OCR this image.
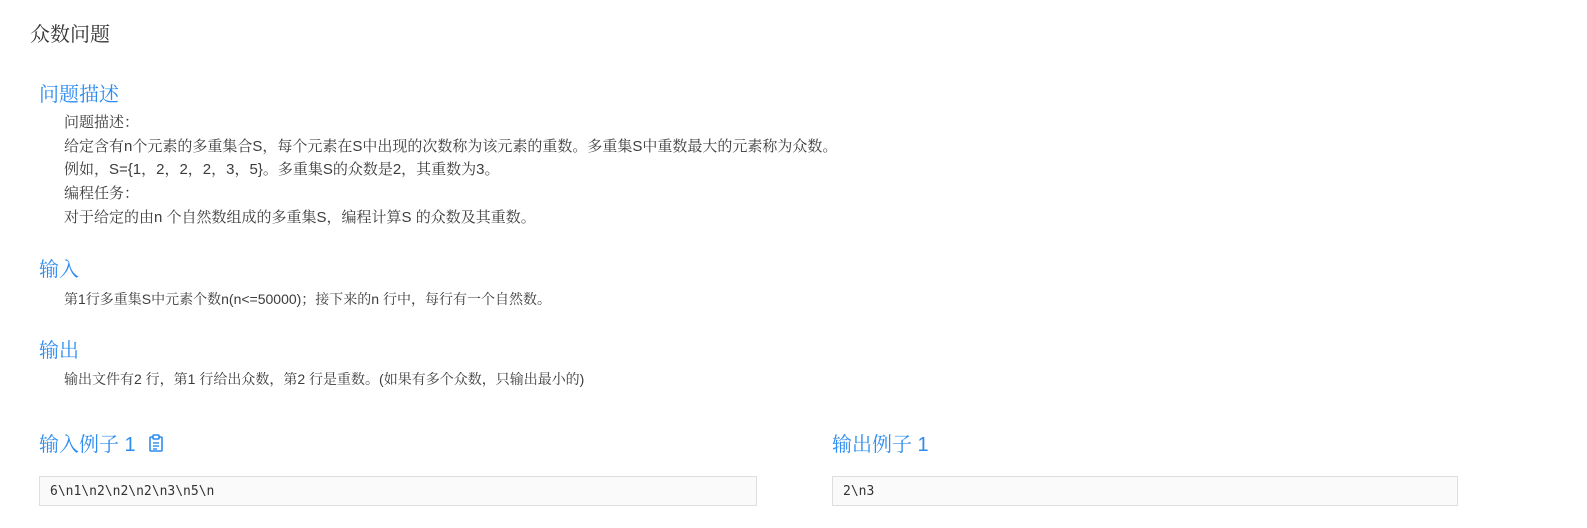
众数问题
问题描述

问题描述：

给定含有n个元素的多重集合S，每个元素在S中出现的次数称为该元素的重数。多重集S中重数最大的元素称为众数。

例如，S={1，2，2，2，3，5}。多重集S的众数是2，其重数为3。

编程任务：

对于给定的由n 个自然数组成的多重集S，编程计算S 的众数及其重数。

输入
第1行多重集S中元素个数n(n<=50000)；接下来的n 行中，每行有一个自然数。
输出
输出文件有2 行，第1 行给出众数，第2 行是重数。(如果有多个众数，只输出最小的)
输入例子 1	输出例子 1
6\n1\n2\n2\n2\n3\n5\n	2\n3
